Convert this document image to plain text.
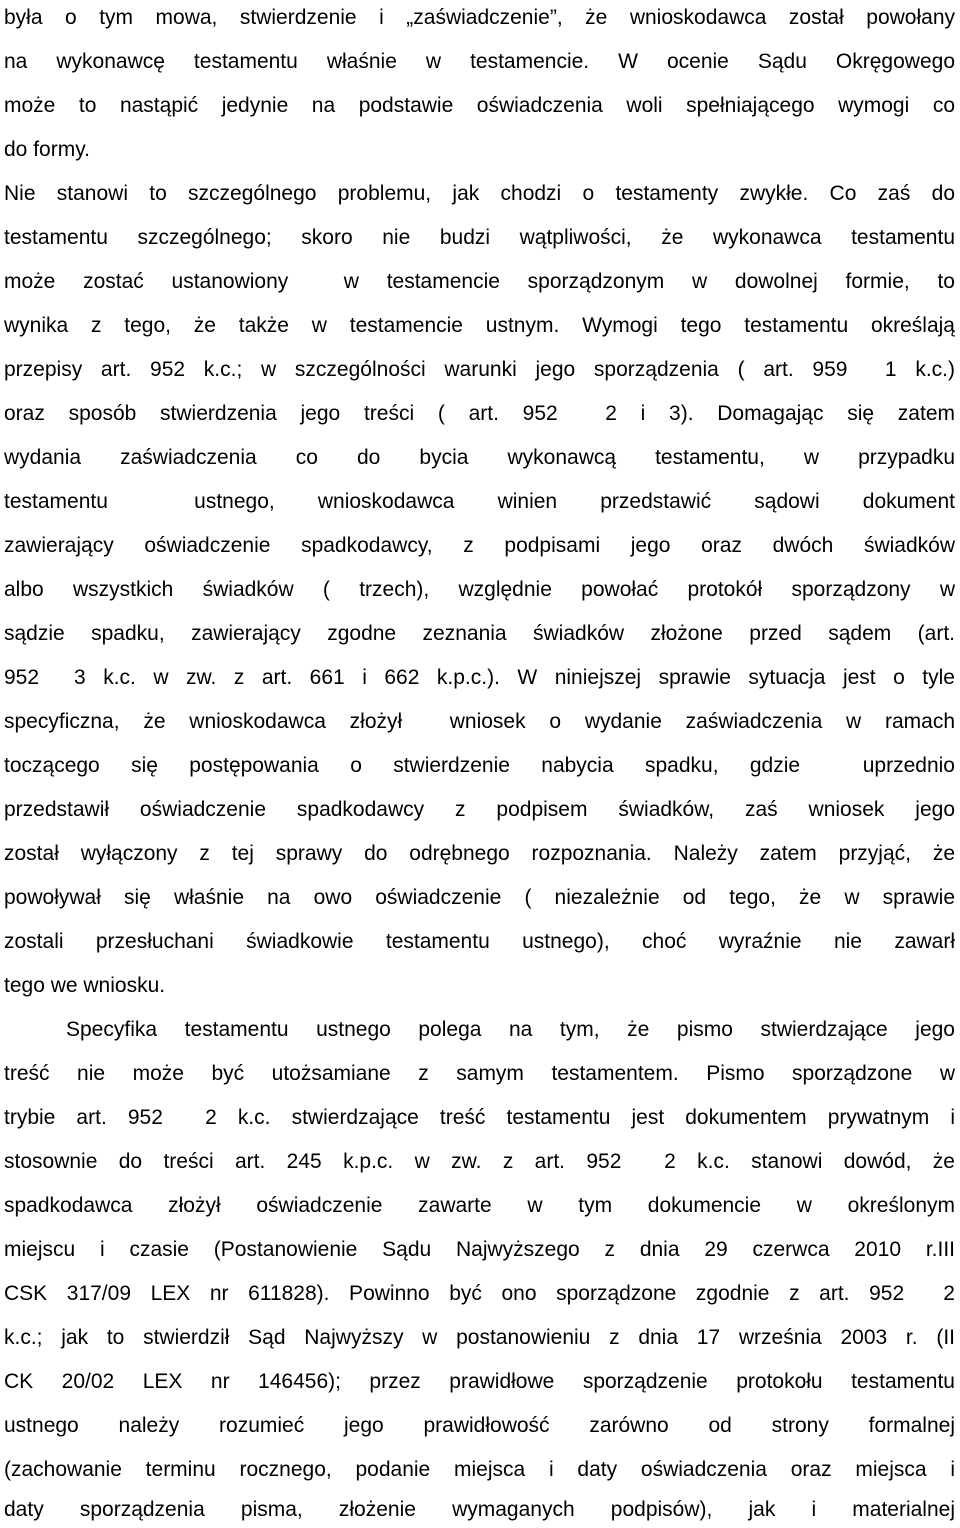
była o tym mowa, stwierdzenie i „zaświadczenie”, że wnioskodawca został powołany
na wykonawcę testamentu właśnie w testamencie. W ocenie Sądu Okręgowego
może to nastąpić jedynie na podstawie oświadczenia woli spełniającego wymogi co
do formy.
Nie stanowi to szczególnego problemu, jak chodzi o testamenty zwykłe. Co zaś do
testamentu szczególnego; skoro nie budzi wątpliwości, że wykonawca testamentu
może zostać ustanowiony  w testamencie sporządzonym w dowolnej formie, to
wynika z tego, że także w testamencie ustnym. Wymogi tego testamentu określają
przepisy art. 952 k.c.; w szczególności warunki jego sporządzenia ( art. 959  1 k.c.)
oraz sposób stwierdzenia jego treści ( art. 952  2 i 3). Domagając się zatem
wydania zaświadczenia co do bycia wykonawcą testamentu, w przypadku
testamentu  ustnego, wnioskodawca winien przedstawić sądowi dokument
zawierający oświadczenie spadkodawcy, z podpisami jego oraz dwóch świadków
albo wszystkich świadków ( trzech), względnie powołać protokół sporządzony w
sądzie spadku, zawierający zgodne zeznania świadków złożone przed sądem (art.
952  3 k.c. w zw. z art. 661 i 662 k.p.c.). W niniejszej sprawie sytuacja jest o tyle
specyficzna, że wnioskodawca złożył  wniosek o wydanie zaświadczenia w ramach
toczącego się postępowania o stwierdzenie nabycia spadku, gdzie  uprzednio
przedstawił oświadczenie spadkodawcy z podpisem świadków, zaś wniosek jego
został wyłączony z tej sprawy do odrębnego rozpoznania. Należy zatem przyjąć, że
powoływał się właśnie na owo oświadczenie ( niezależnie od tego, że w sprawie
zostali przesłuchani świadkowie testamentu ustnego), choć wyraźnie nie zawarł
tego we wniosku.
Specyfika testamentu ustnego polega na tym, że pismo stwierdzające jego
treść nie może być utożsamiane z samym testamentem. Pismo sporządzone w
trybie art. 952  2 k.c. stwierdzające treść testamentu jest dokumentem prywatnym i
stosownie do treści art. 245 k.p.c. w zw. z art. 952  2 k.c. stanowi dowód, że
spadkodawca złożył oświadczenie zawarte w tym dokumencie w określonym
miejscu i czasie (Postanowienie Sądu Najwyższego z dnia 29 czerwca 2010 r.III
CSK 317/09 LEX nr 611828). Powinno być ono sporządzone zgodnie z art. 952  2
k.c.; jak to stwierdził Sąd Najwyższy w postanowieniu z dnia 17 września 2003 r. (II
CK 20/02 LEX nr 146456); przez prawidłowe sporządzenie protokołu testamentu
ustnego należy rozumieć jego prawidłowość zarówno od strony formalnej
(zachowanie terminu rocznego, podanie miejsca i daty oświadczenia oraz miejsca i
daty sporządzenia pisma, złożenie wymaganych podpisów), jak i materialnej
